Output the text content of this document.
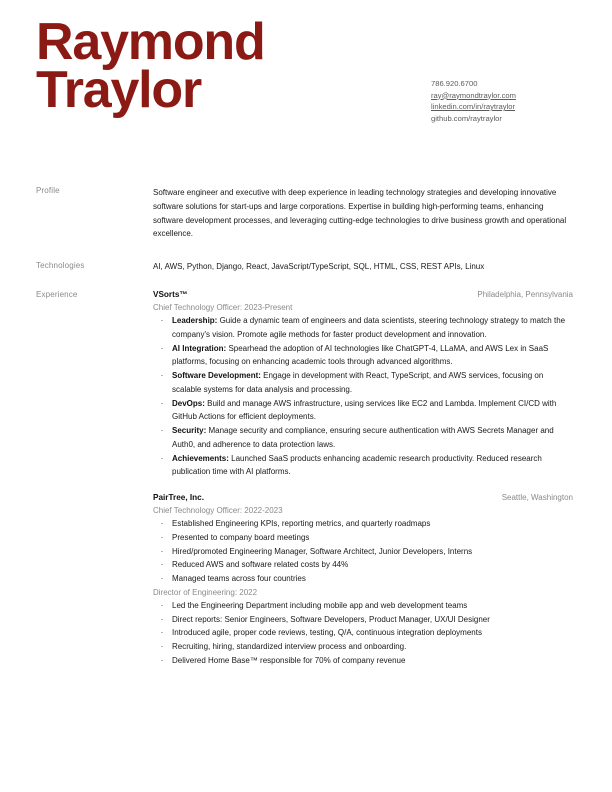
Raymond
Traylor	786.920.6700
ray@raymondtraylor.com
linkedin.com/in/raytraylor
github.com/raytraylor
Profile	Software engineer and executive with deep experience in leading technology strategies and developing innovative software solutions for start-ups and large corporations. Expertise in building high-performing teams, enhancing software development processes, and leveraging cutting-edge technologies to drive business growth and operational excellence.
Technologies	AI, AWS, Python, Django, React, JavaScript/TypeScript, SQL, HTML, CSS, REST APIs, Linux
Experience	VSorts™	Philadelphia, Pennsylvania
Chief Technology Officer: 2023-Present
· Leadership: Guide a dynamic team of engineers and data scientists, steering technology strategy to match the company's vision. Promote agile methods for faster product development and innovation.
· AI Integration: Spearhead the adoption of AI technologies like ChatGPT-4, LLaMA, and AWS Lex in SaaS platforms, focusing on enhancing academic tools through advanced algorithms.
· Software Development: Engage in development with React, TypeScript, and AWS services, focusing on scalable systems for data analysis and processing.
· DevOps: Build and manage AWS infrastructure, using services like EC2 and Lambda. Implement CI/CD with GitHub Actions for efficient deployments.
· Security: Manage security and compliance, ensuring secure authentication with AWS Secrets Manager and Auth0, and adherence to data protection laws.
· Achievements: Launched SaaS products enhancing academic research productivity. Reduced research publication time with AI platforms.
PairTree, Inc.	Seattle, Washington
Chief Technology Officer: 2022-2023
· Established Engineering KPIs, reporting metrics, and quarterly roadmaps
· Presented to company board meetings
· Hired/promoted Engineering Manager, Software Architect, Junior Developers, Interns
· Reduced AWS and software related costs by 44%
· Managed teams across four countries
Director of Engineering: 2022
· Led the Engineering Department including mobile app and web development teams
· Direct reports: Senior Engineers, Software Developers, Product Manager, UX/UI Designer
· Introduced agile, proper code reviews, testing, Q/A, continuous integration deployments
· Recruiting, hiring, standardized interview process and onboarding.
· Delivered Home Base™ responsible for 70% of company revenue
